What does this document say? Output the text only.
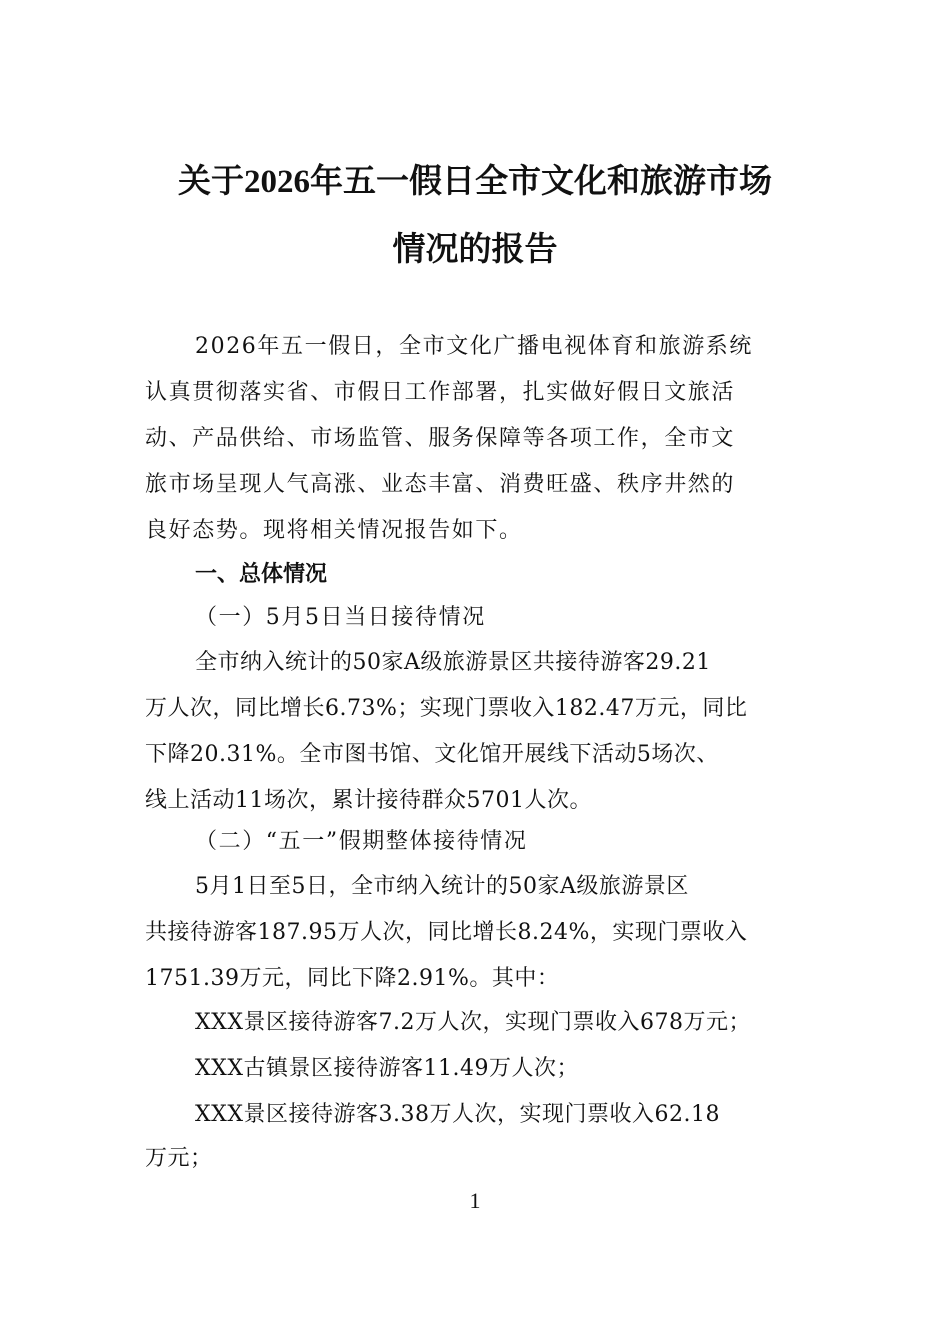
关于2026年五一假日全市文化和旅游市场
情况的报告
2026年五一假日，全市文化广播电视体育和旅游系统
认真贯彻落实省、市假日工作部署，扎实做好假日文旅活
动、产品供给、市场监管、服务保障等各项工作，全市文
旅市场呈现人气高涨、业态丰富、消费旺盛、秩序井然的
良好态势。现将相关情况报告如下。
一、总体情况
（一）5月5日当日接待情况
全市纳入统计的50家A级旅游景区共接待游客29.21
万人次，同比增长6.73%；实现门票收入182.47万元，同比
下降20.31%。全市图书馆、文化馆开展线下活动5场次、
线上活动11场次，累计接待群众5701人次。
（二）“五一”假期整体接待情况
5月1日至5日，全市纳入统计的50家A级旅游景区
共接待游客187.95万人次，同比增长8.24%，实现门票收入
1751.39万元，同比下降2.91%。其中：
XXX景区接待游客7.2万人次，实现门票收入678万元；
XXX古镇景区接待游客11.49万人次；
XXX景区接待游客3.38万人次，实现门票收入62.18
万元；
1
